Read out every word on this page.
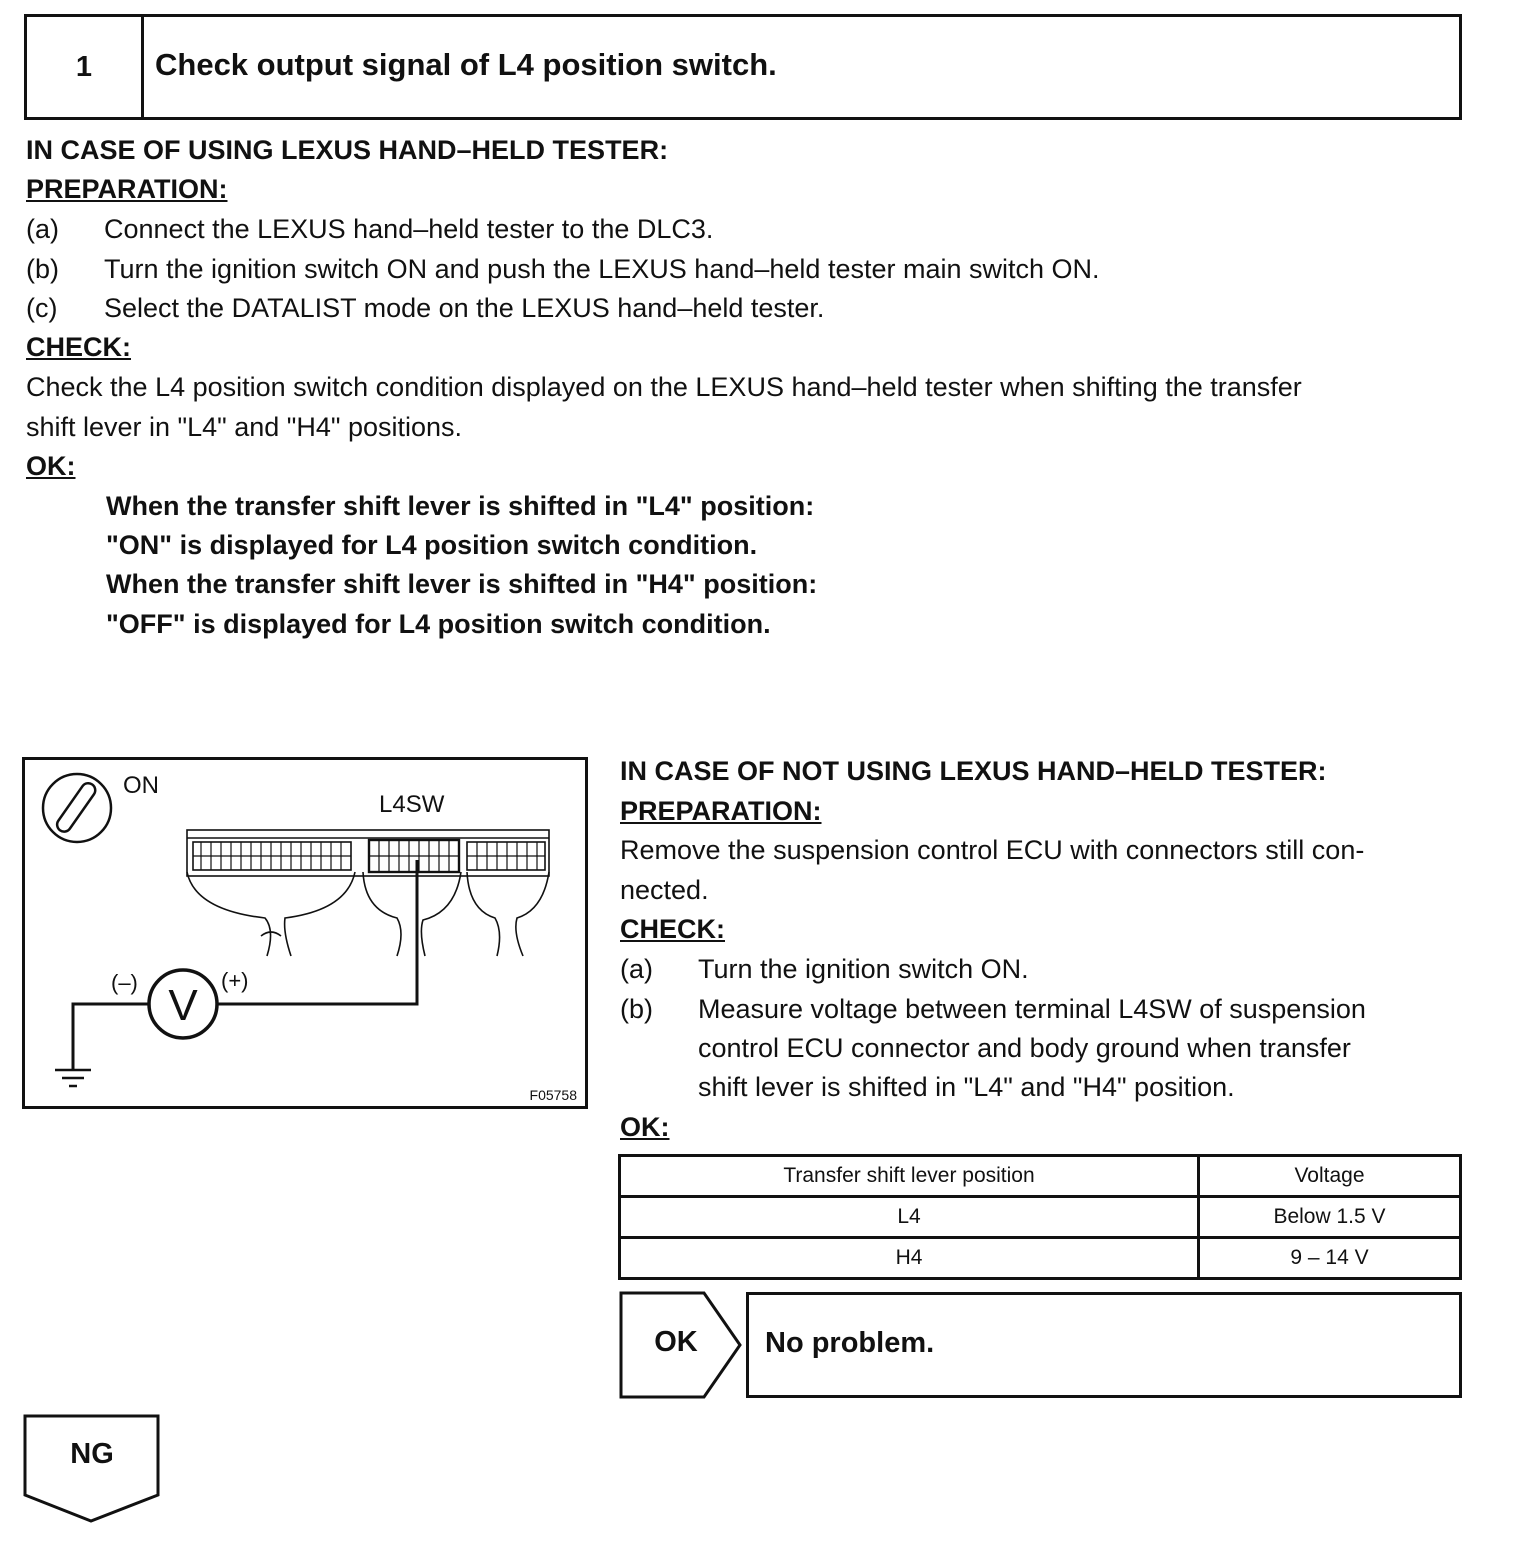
1	Check output signal of L4 position switch.
IN CASE OF USING LEXUS HAND–HELD TESTER:
PREPARATION:
(a) Connect the LEXUS hand–held tester to the DLC3.
(b) Turn the ignition switch ON and push the LEXUS hand–held tester main switch ON.
(c) Select the DATALIST mode on the LEXUS hand–held tester.
CHECK:
Check the L4 position switch condition displayed on the LEXUS hand–held tester when shifting the transfer
shift lever in "L4" and "H4" positions.
OK:
When the transfer shift lever is shifted in "L4" position:
"ON" is displayed for L4 position switch condition.
When the transfer shift lever is shifted in "H4" position:
"OFF" is displayed for L4 position switch condition.
ON
L4SW
V
(–)	(+)
F05758
IN CASE OF NOT USING LEXUS HAND–HELD TESTER:
PREPARATION:
Remove the suspension control ECU with connectors still con-
nected.
CHECK:
(a) Turn the ignition switch ON.
(b) Measure voltage between terminal L4SW of suspension
control ECU connector and body ground when transfer
shift lever is shifted in "L4" and "H4" position.
OK:
Transfer shift lever position	Voltage
L4	Below 1.5 V
H4	9 – 14 V
OK	No problem.
NG
